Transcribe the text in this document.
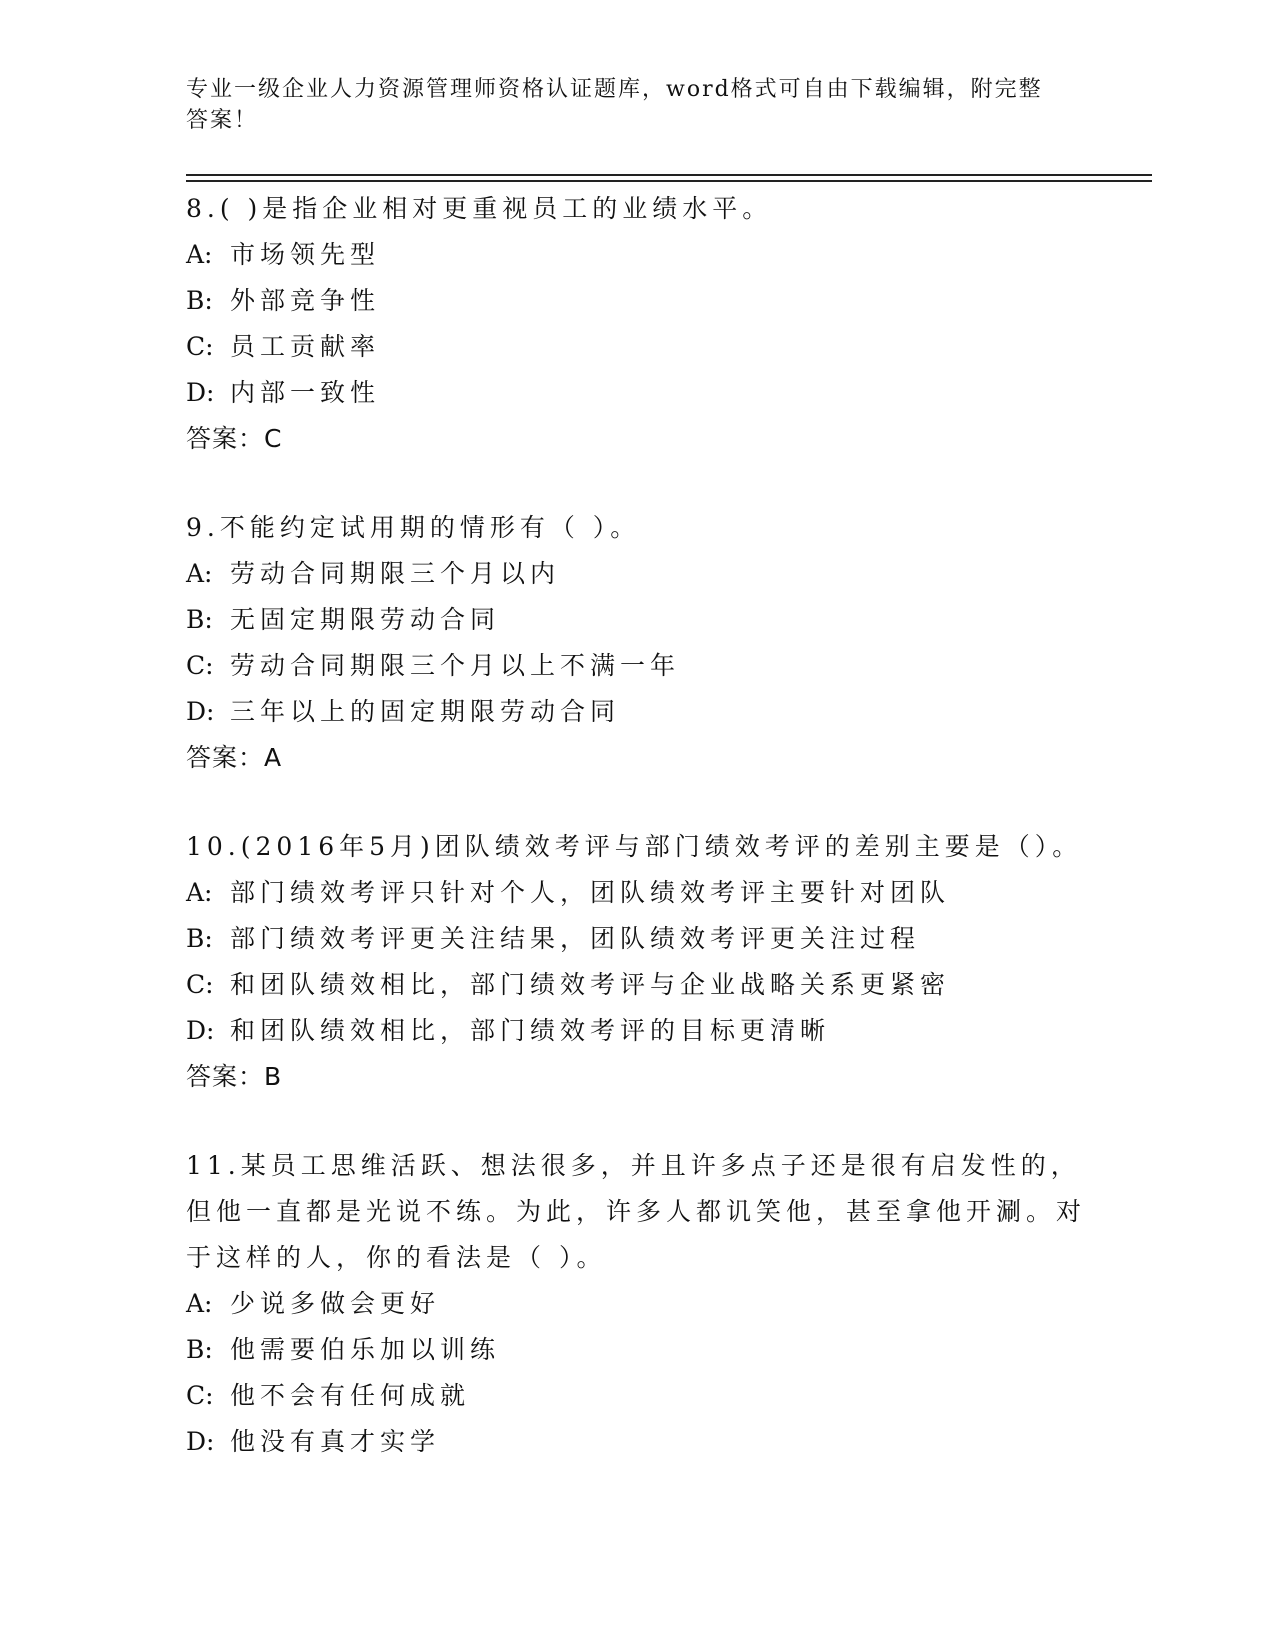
专业一级企业人力资源管理师资格认证题库，word格式可自由下载编辑，附完整答案！
8.( )是指企业相对更重视员工的业绩水平。
A: 市场领先型
B: 外部竞争性
C: 员工贡献率
D: 内部一致性
答案：C
9.不能约定试用期的情形有（ ）。
A: 劳动合同期限三个月以内
B: 无固定期限劳动合同
C: 劳动合同期限三个月以上不满一年
D: 三年以上的固定期限劳动合同
答案：A
10.(2016年5月)团队绩效考评与部门绩效考评的差别主要是（）。
A: 部门绩效考评只针对个人，团队绩效考评主要针对团队
B: 部门绩效考评更关注结果，团队绩效考评更关注过程
C: 和团队绩效相比，部门绩效考评与企业战略关系更紧密
D: 和团队绩效相比，部门绩效考评的目标更清晰
答案：B
11.某员工思维活跃、想法很多，并且许多点子还是很有启发性的，但他一直都是光说不练。为此，许多人都讥笑他，甚至拿他开涮。对于这样的人，你的看法是（ ）。
A: 少说多做会更好
B: 他需要伯乐加以训练
C: 他不会有任何成就
D: 他没有真才实学
